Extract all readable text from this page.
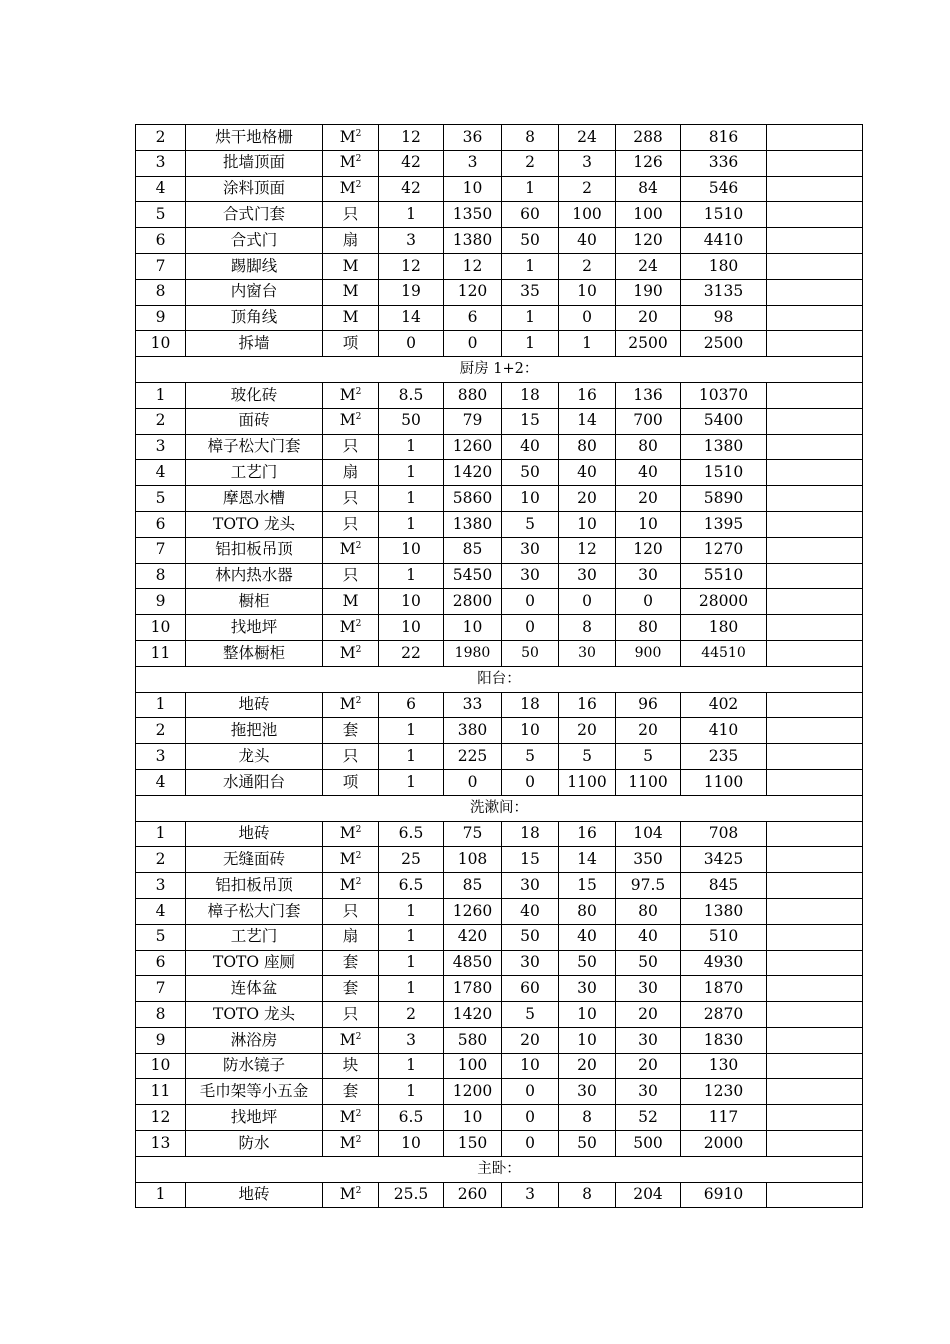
2	烘干地格栅	$M^2$	12	36	8	24	288	816	
3	批墙顶面	$M^2$	42	3	2	3	126	336	
4	涂料顶面	$M^2$	42	10	1	2	84	546	
5	合式门套	只	1	1350	60	100	100	1510	
6	合式门	扇	3	1380	50	40	120	4410	
7	踢脚线	M	12	12	1	2	24	180	
8	内窗台	M	19	120	35	10	190	3135	
9	顶角线	M	14	6	1	0	20	98	
10	拆墙	项	0	0	1	1	2500	2500	
厨房 1+2：									
1	玻化砖	$M^2$	8.5	880	18	16	136	10370	
2	面砖	$M^2$	50	79	15	14	700	5400	
3	樟子松大门套	只	1	1260	40	80	80	1380	
4	工艺门	扇	1	1420	50	40	40	1510	
5	摩恩水槽	只	1	5860	10	20	20	5890	
6	TOTO 龙头	只	1	1380	5	10	10	1395	
7	铝扣板吊顶	$M^2$	10	85	30	12	120	1270	
8	林内热水器	只	1	5450	30	30	30	5510	
9	橱柜	M	10	2800	0	0	0	28000	
10	找地坪	$M^2$	10	10	0	8	80	180	
11	整体橱柜	$M^2$	22	1980	50	30	900	44510	
阳台：									
1	地砖	$M^2$	6	33	18	16	96	402	
2	拖把池	套	1	380	10	20	20	410	
3	龙头	只	1	225	5	5	5	235	
4	水通阳台	项	1	0	0	1100	1100	1100	
洗漱间：									
1	地砖	$M^2$	6.5	75	18	16	104	708	
2	无缝面砖	$M^2$	25	108	15	14	350	3425	
3	铝扣板吊顶	$M^2$	6.5	85	30	15	97.5	845	
4	樟子松大门套	只	1	1260	40	80	80	1380	
5	工艺门	扇	1	420	50	40	40	510	
6	TOTO 座厕	套	1	4850	30	50	50	4930	
7	连体盆	套	1	1780	60	30	30	1870	
8	TOTO 龙头	只	2	1420	5	10	20	2870	
9	淋浴房	$M^2$	3	580	20	10	30	1830	
10	防水镜子	块	1	100	10	20	20	130	
11	毛巾架等小五金	套	1	1200	0	30	30	1230	
12	找地坪	$M^2$	6.5	10	0	8	52	117	
13	防水	$M^2$	10	150	0	50	500	2000	
主卧：									
1	地砖	$M^2$	25.5	260	3	8	204	6910	
